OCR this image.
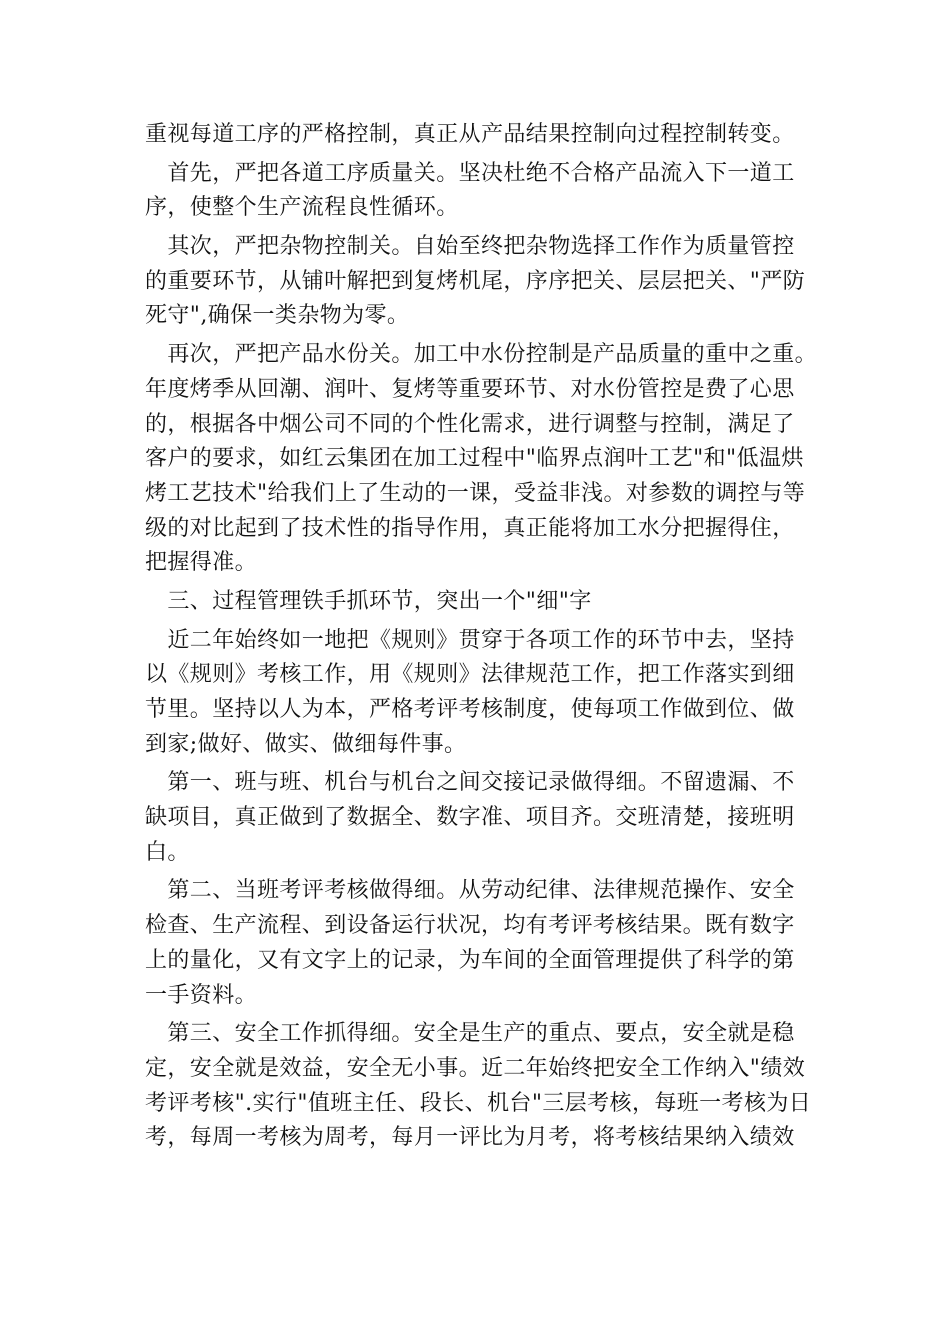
重视每道工序的严格控制，真正从产品结果控制向过程控制转变。
　首先，严把各道工序质量关。坚决杜绝不合格产品流入下一道工
序，使整个生产流程良性循环。
　其次，严把杂物控制关。自始至终把杂物选择工作作为质量管控
的重要环节，从铺叶解把到复烤机尾，序序把关、层层把关、"严防
死守",确保一类杂物为零。
　再次，严把产品水份关。加工中水份控制是产品质量的重中之重。
年度烤季从回潮、润叶、复烤等重要环节、对水份管控是费了心思
的，根据各中烟公司不同的个性化需求，进行调整与控制，满足了
客户的要求，如红云集团在加工过程中"临界点润叶工艺"和"低温烘
烤工艺技术"给我们上了生动的一课，受益非浅。对参数的调控与等
级的对比起到了技术性的指导作用，真正能将加工水分把握得住，
把握得准。
　三、过程管理铁手抓环节，突出一个"细"字
　近二年始终如一地把《规则》贯穿于各项工作的环节中去，坚持
以《规则》考核工作，用《规则》法律规范工作，把工作落实到细
节里。坚持以人为本，严格考评考核制度，使每项工作做到位、做
到家;做好、做实、做细每件事。
　第一、班与班、机台与机台之间交接记录做得细。不留遗漏、不
缺项目，真正做到了数据全、数字准、项目齐。交班清楚，接班明
白。
　第二、当班考评考核做得细。从劳动纪律、法律规范操作、安全
检查、生产流程、到设备运行状况，均有考评考核结果。既有数字
上的量化，又有文字上的记录，为车间的全面管理提供了科学的第
一手资料。
　第三、安全工作抓得细。安全是生产的重点、要点，安全就是稳
定，安全就是效益，安全无小事。近二年始终把安全工作纳入"绩效
考评考核".实行"值班主任、段长、机台"三层考核，每班一考核为日
考，每周一考核为周考，每月一评比为月考，将考核结果纳入绩效
